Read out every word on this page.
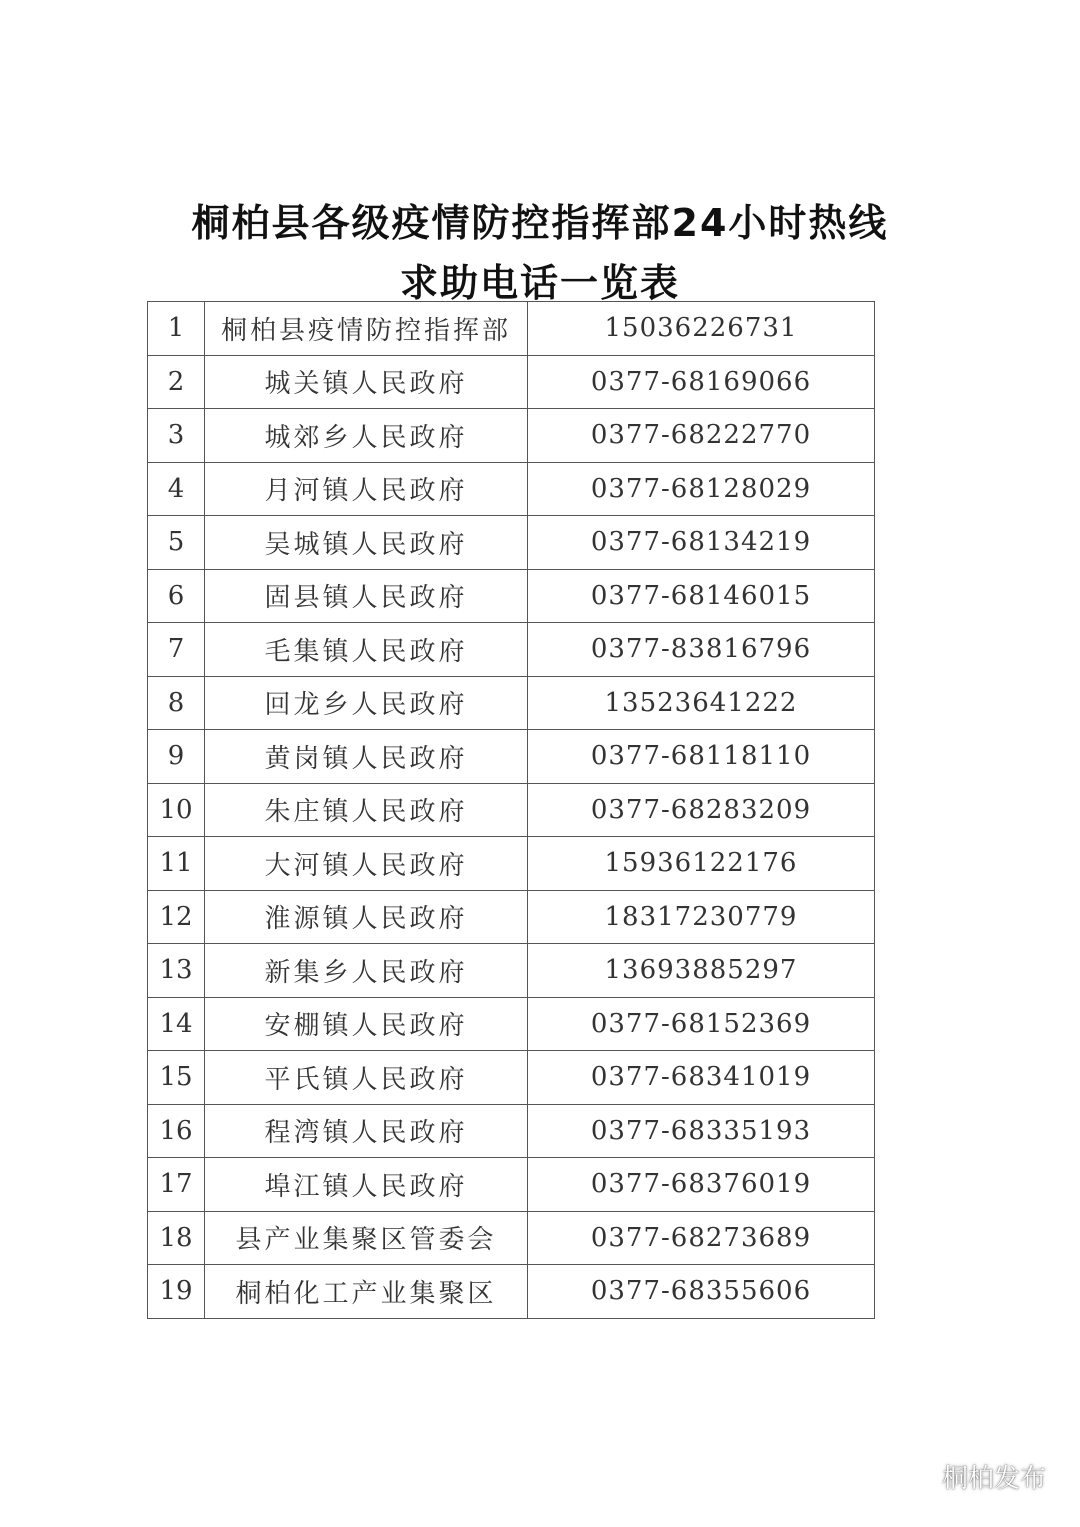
桐柏县各级疫情防控指挥部24小时热线
求助电话一览表
1	桐柏县疫情防控指挥部	15036226731
2	城关镇人民政府	0377-68169066
3	城郊乡人民政府	0377-68222770
4	月河镇人民政府	0377-68128029
5	吴城镇人民政府	0377-68134219
6	固县镇人民政府	0377-68146015
7	毛集镇人民政府	0377-83816796
8	回龙乡人民政府	13523641222
9	黄岗镇人民政府	0377-68118110
10	朱庄镇人民政府	0377-68283209
11	大河镇人民政府	15936122176
12	淮源镇人民政府	18317230779
13	新集乡人民政府	13693885297
14	安棚镇人民政府	0377-68152369
15	平氏镇人民政府	0377-68341019
16	程湾镇人民政府	0377-68335193
17	埠江镇人民政府	0377-68376019
18	县产业集聚区管委会	0377-68273689
19	桐柏化工产业集聚区	0377-68355606
桐柏发布
